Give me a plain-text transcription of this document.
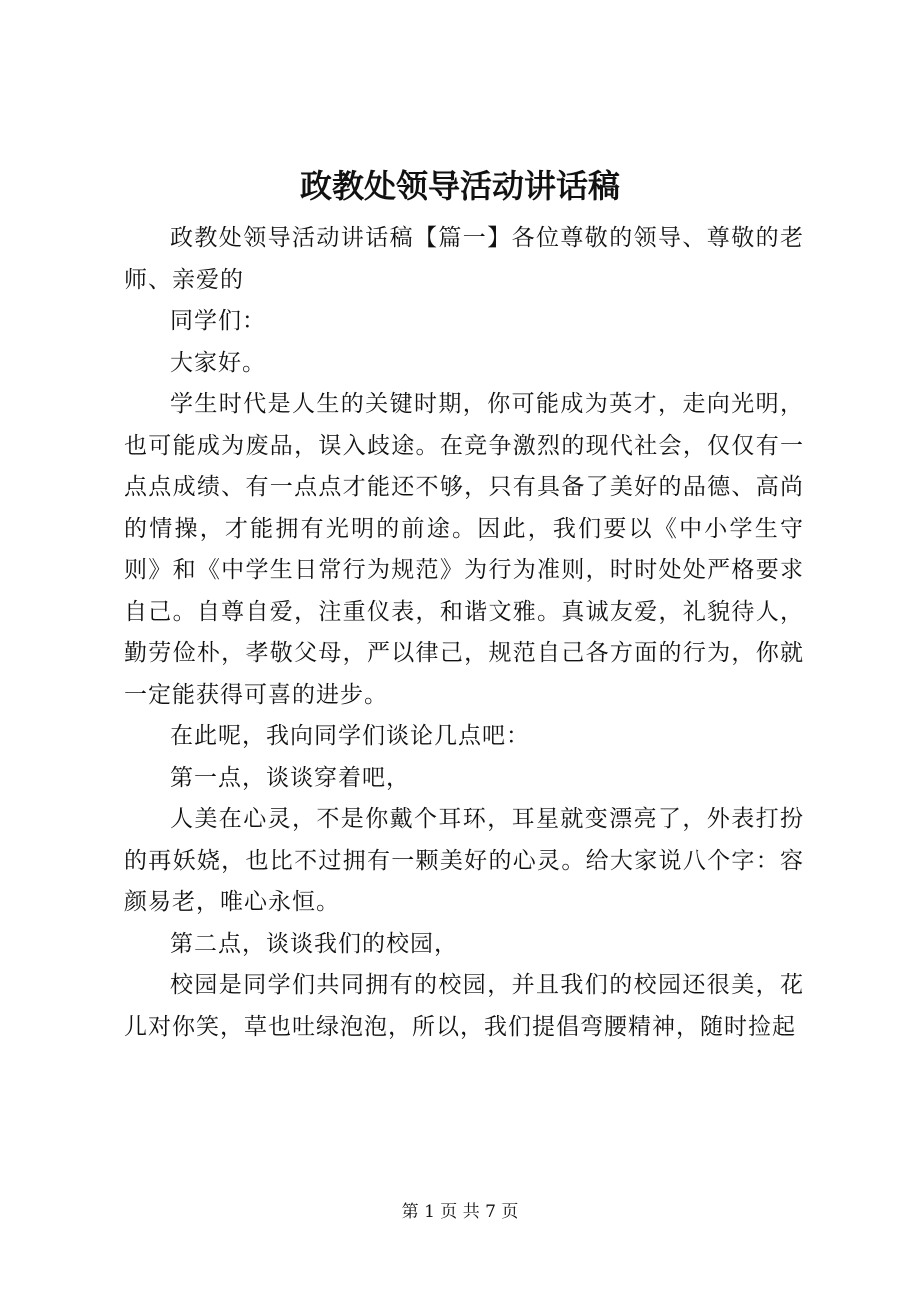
政教处领导活动讲话稿

政教处领导活动讲话稿【篇一】各位尊敬的领导、尊敬的老师、亲爱的

同学们：

大家好。

学生时代是人生的关键时期，你可能成为英才，走向光明，也可能成为废品，误入歧途。在竞争激烈的现代社会，仅仅有一点点成绩、有一点点才能还不够，只有具备了美好的品德、高尚的情操，才能拥有光明的前途。因此，我们要以《中小学生守则》和《中学生日常行为规范》为行为准则，时时处处严格要求自己。自尊自爱，注重仪表，和谐文雅。真诚友爱，礼貌待人，勤劳俭朴，孝敬父母，严以律己，规范自己各方面的行为，你就一定能获得可喜的进步。

在此呢，我向同学们谈论几点吧：

第一点，谈谈穿着吧，

人美在心灵，不是你戴个耳环，耳星就变漂亮了，外表打扮的再妖娆，也比不过拥有一颗美好的心灵。给大家说八个字：容颜易老，唯心永恒。

第二点，谈谈我们的校园，

校园是同学们共同拥有的校园，并且我们的校园还很美，花儿对你笑，草也吐绿泡泡，所以，我们提倡弯腰精神，随时捡起

第 1 页 共 7 页
